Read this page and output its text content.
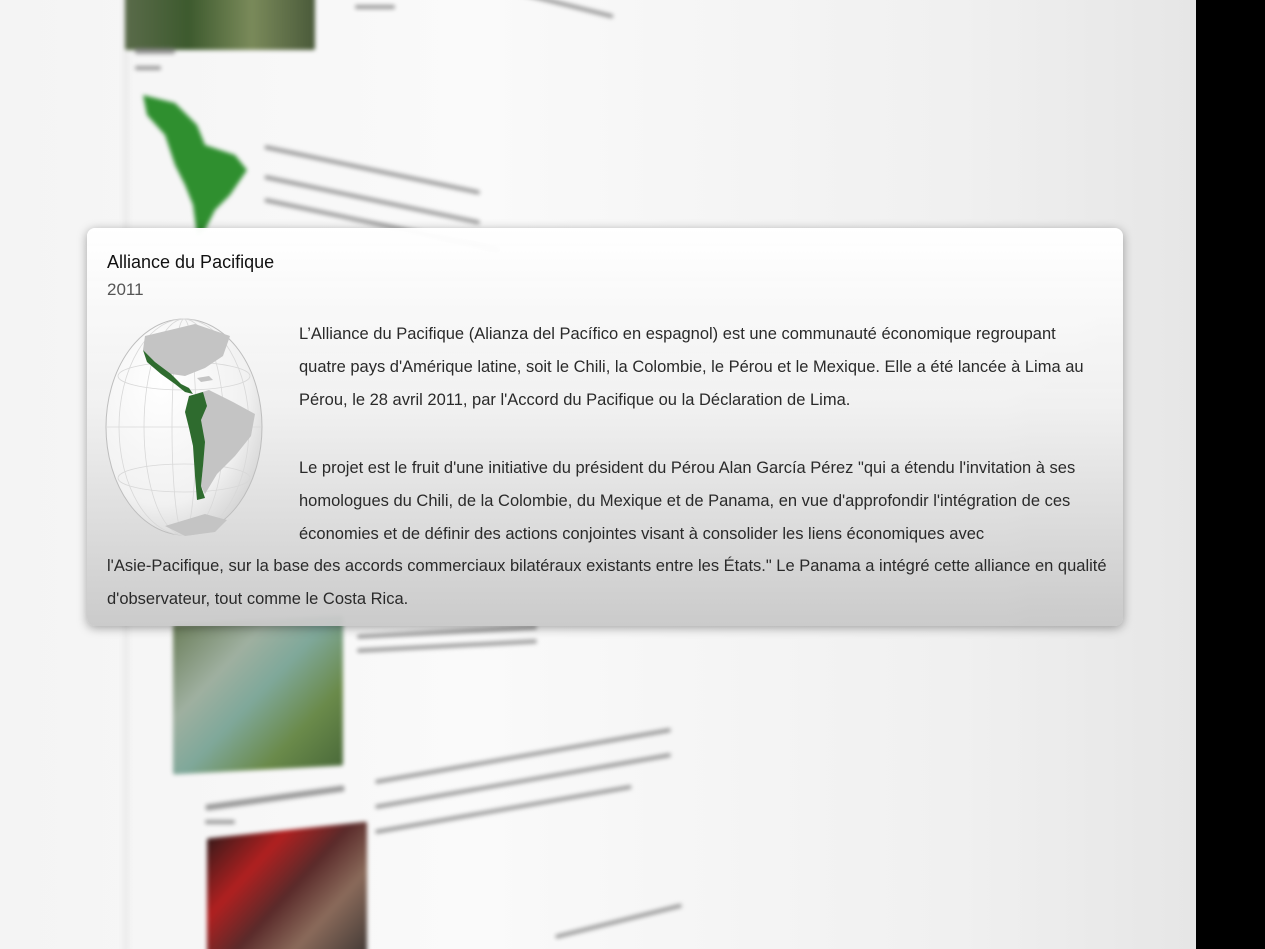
Alliance du Pacifique
2011
L’Alliance du Pacifique (Alianza del Pacífico en espagnol) est une communauté économique regroupant quatre pays d'Amérique latine, soit le Chili, la Colombie, le Pérou et le Mexique. Elle a été lancée à Lima au Pérou, le 28 avril 2011, par l'Accord du Pacifique ou la Déclaration de Lima.
Le projet est le fruit d'une initiative du président du Pérou Alan García Pérez "qui a étendu l'invitation à ses homologues du Chili, de la Colombie, du Mexique et de Panama, en vue d'approfondir l'intégration de ces économies et de définir des actions conjointes visant à consolider les liens économiques avec
l'Asie-Pacifique, sur la base des accords commerciaux bilatéraux existants entre les États." Le Panama a intégré cette alliance en qualité d'observateur, tout comme le Costa Rica.
